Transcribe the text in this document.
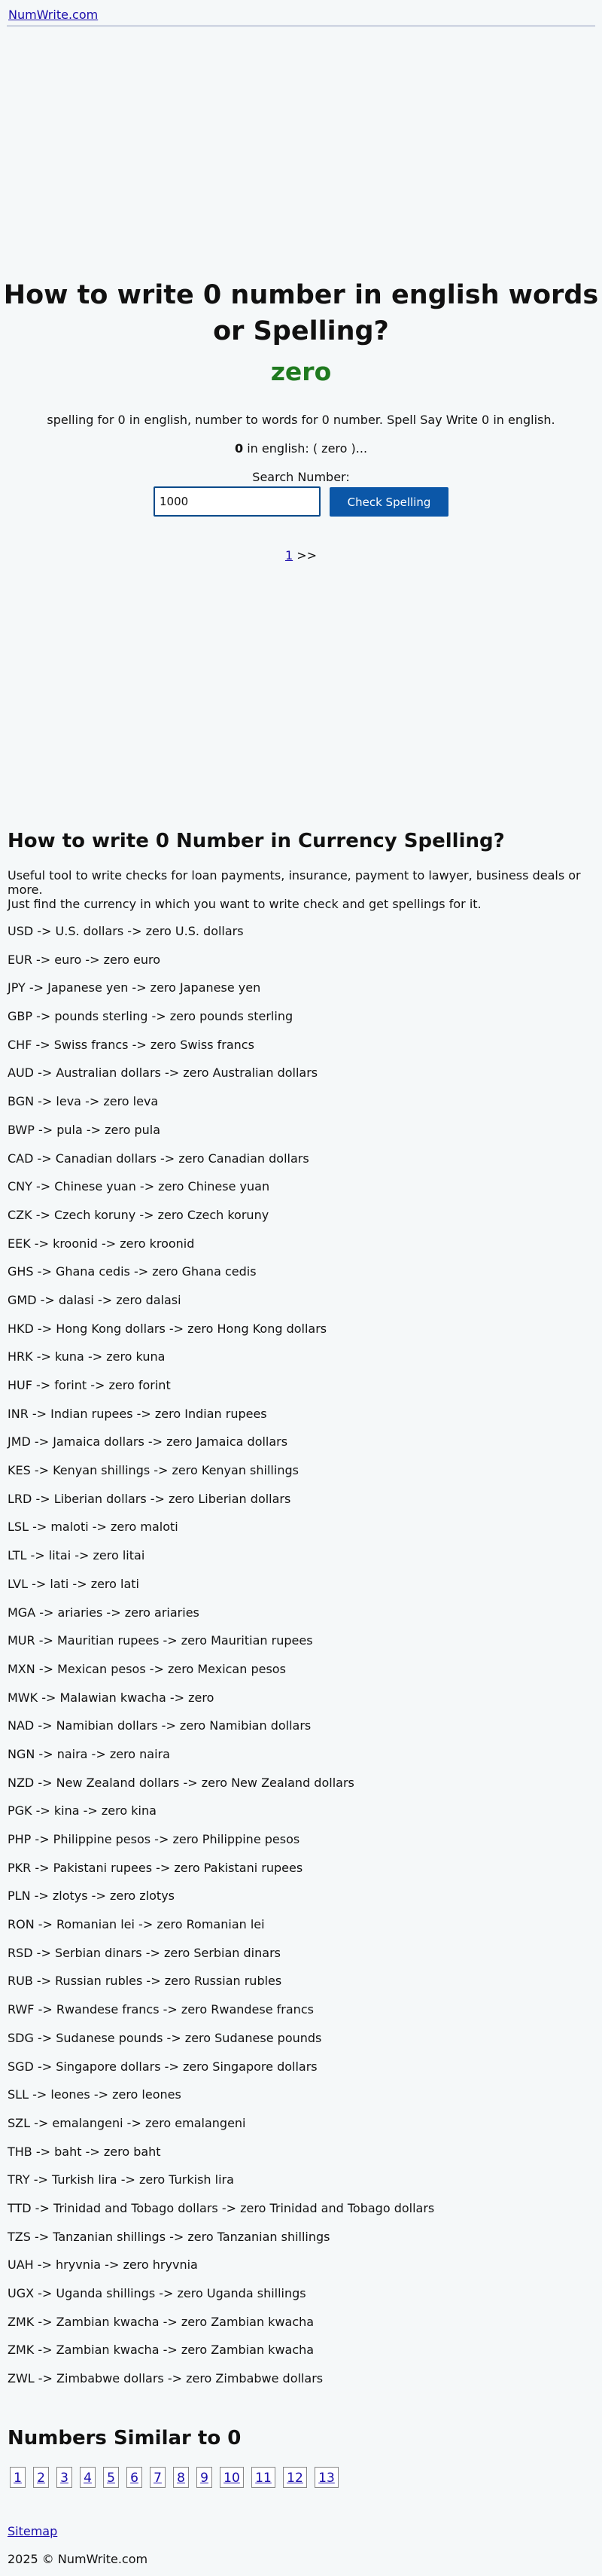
NumWrite.com
How to write 0 number in english words or Spelling?
zero
spelling for 0 in english, number to words for 0 number. Spell Say Write 0 in english.
0 in english: ( zero )...
Search Number:
1000
Check Spelling
1 >>
How to write 0 Number in Currency Spelling?
Useful tool to write checks for loan payments, insurance, payment to lawyer, business deals or more.
Just find the currency in which you want to write check and get spellings for it.
USD -> U.S. dollars -> zero U.S. dollars
EUR -> euro -> zero euro
JPY -> Japanese yen -> zero Japanese yen
GBP -> pounds sterling -> zero pounds sterling
CHF -> Swiss francs -> zero Swiss francs
AUD -> Australian dollars -> zero Australian dollars
BGN -> leva -> zero leva
BWP -> pula -> zero pula
CAD -> Canadian dollars -> zero Canadian dollars
CNY -> Chinese yuan -> zero Chinese yuan
CZK -> Czech koruny -> zero Czech koruny
EEK -> kroonid -> zero kroonid
GHS -> Ghana cedis -> zero Ghana cedis
GMD -> dalasi -> zero dalasi
HKD -> Hong Kong dollars -> zero Hong Kong dollars
HRK -> kuna -> zero kuna
HUF -> forint -> zero forint
INR -> Indian rupees -> zero Indian rupees
JMD -> Jamaica dollars -> zero Jamaica dollars
KES -> Kenyan shillings -> zero Kenyan shillings
LRD -> Liberian dollars -> zero Liberian dollars
LSL -> maloti -> zero maloti
LTL -> litai -> zero litai
LVL -> lati -> zero lati
MGA -> ariaries -> zero ariaries
MUR -> Mauritian rupees -> zero Mauritian rupees
MXN -> Mexican pesos -> zero Mexican pesos
MWK -> Malawian kwacha -> zero
NAD -> Namibian dollars -> zero Namibian dollars
NGN -> naira -> zero naira
NZD -> New Zealand dollars -> zero New Zealand dollars
PGK -> kina -> zero kina
PHP -> Philippine pesos -> zero Philippine pesos
PKR -> Pakistani rupees -> zero Pakistani rupees
PLN -> zlotys -> zero zlotys
RON -> Romanian lei -> zero Romanian lei
RSD -> Serbian dinars -> zero Serbian dinars
RUB -> Russian rubles -> zero Russian rubles
RWF -> Rwandese francs -> zero Rwandese francs
SDG -> Sudanese pounds -> zero Sudanese pounds
SGD -> Singapore dollars -> zero Singapore dollars
SLL -> leones -> zero leones
SZL -> emalangeni -> zero emalangeni
THB -> baht -> zero baht
TRY -> Turkish lira -> zero Turkish lira
TTD -> Trinidad and Tobago dollars -> zero Trinidad and Tobago dollars
TZS -> Tanzanian shillings -> zero Tanzanian shillings
UAH -> hryvnia -> zero hryvnia
UGX -> Uganda shillings -> zero Uganda shillings
ZMK -> Zambian kwacha -> zero Zambian kwacha
ZMK -> Zambian kwacha -> zero Zambian kwacha
ZWL -> Zimbabwe dollars -> zero Zimbabwe dollars
Numbers Similar to 0
1 2 3 4 5 6 7 8 9	10	11	12	13
Sitemap
2025 © NumWrite.com
